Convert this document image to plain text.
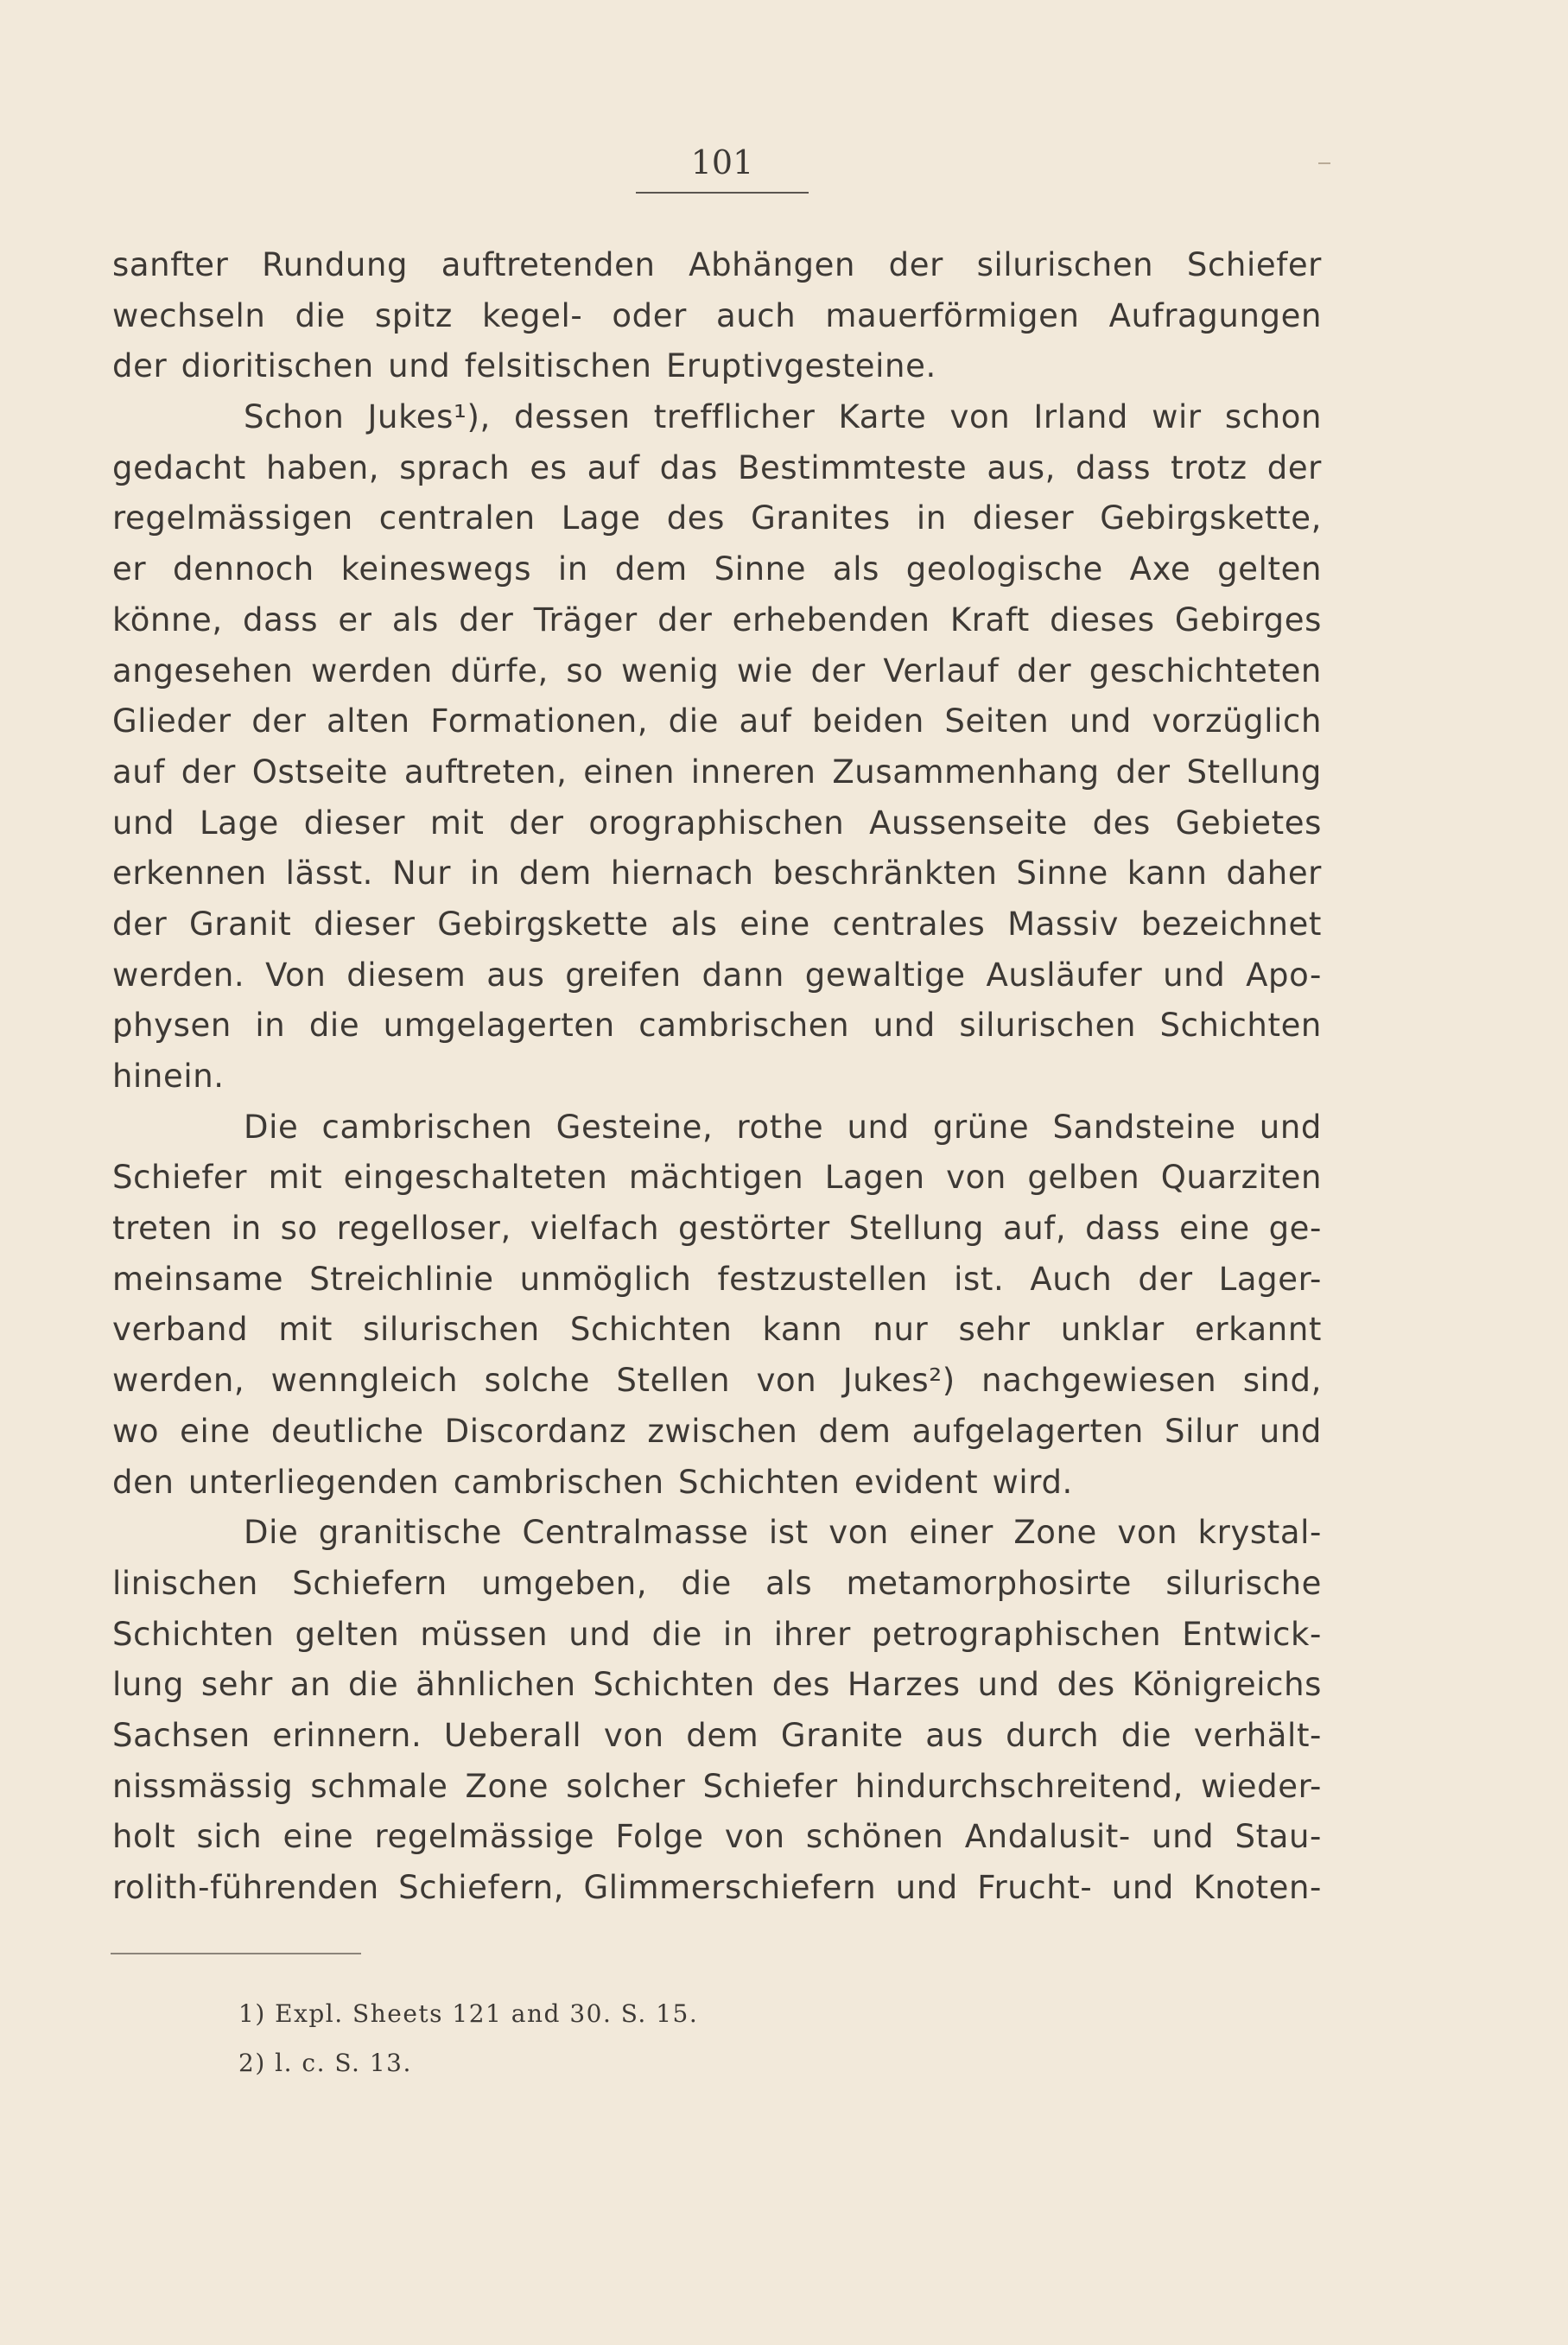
101

sanfter Rundung auftretenden Abhängen der silurischen Schiefer
wechseln die spitz kegel- oder auch mauerförmigen Aufragungen
der dioritischen und felsitischen Eruptivgesteine.

Schon Jukes¹), dessen trefflicher Karte von Irland wir schon
gedacht haben, sprach es auf das Bestimmteste aus, dass trotz der
regelmässigen centralen Lage des Granites in dieser Gebirgskette,
er dennoch keineswegs in dem Sinne als geologische Axe gelten
könne, dass er als der Träger der erhebenden Kraft dieses Gebirges
angesehen werden dürfe, so wenig wie der Verlauf der geschichteten
Glieder der alten Formationen, die auf beiden Seiten und vorzüglich
auf der Ostseite auftreten, einen inneren Zusammenhang der Stellung
und Lage dieser mit der orographischen Aussenseite des Gebietes
erkennen lässt. Nur in dem hiernach beschränkten Sinne kann daher
der Granit dieser Gebirgskette als eine centrales Massiv bezeichnet
werden. Von diesem aus greifen dann gewaltige Ausläufer und Apo-
physen in die umgelagerten cambrischen und silurischen Schichten
hinein.

Die cambrischen Gesteine, rothe und grüne Sandsteine und
Schiefer mit eingeschalteten mächtigen Lagen von gelben Quarziten
treten in so regelloser, vielfach gestörter Stellung auf, dass eine ge-
meinsame Streichlinie unmöglich festzustellen ist. Auch der Lager-
verband mit silurischen Schichten kann nur sehr unklar erkannt
werden, wenngleich solche Stellen von Jukes²) nachgewiesen sind,
wo eine deutliche Discordanz zwischen dem aufgelagerten Silur und
den unterliegenden cambrischen Schichten evident wird.

Die granitische Centralmasse ist von einer Zone von krystal-
linischen Schiefern umgeben, die als metamorphosirte silurische
Schichten gelten müssen und die in ihrer petrographischen Entwick-
lung sehr an die ähnlichen Schichten des Harzes und des Königreichs
Sachsen erinnern. Ueberall von dem Granite aus durch die verhält-
nissmässig schmale Zone solcher Schiefer hindurchschreitend, wieder-
holt sich eine regelmässige Folge von schönen Andalusit- und Stau-
rolith-führenden Schiefern, Glimmerschiefern und Frucht- und Knoten-

1) Expl. Sheets 121 and 30. S. 15.
2) l. c. S. 13.
